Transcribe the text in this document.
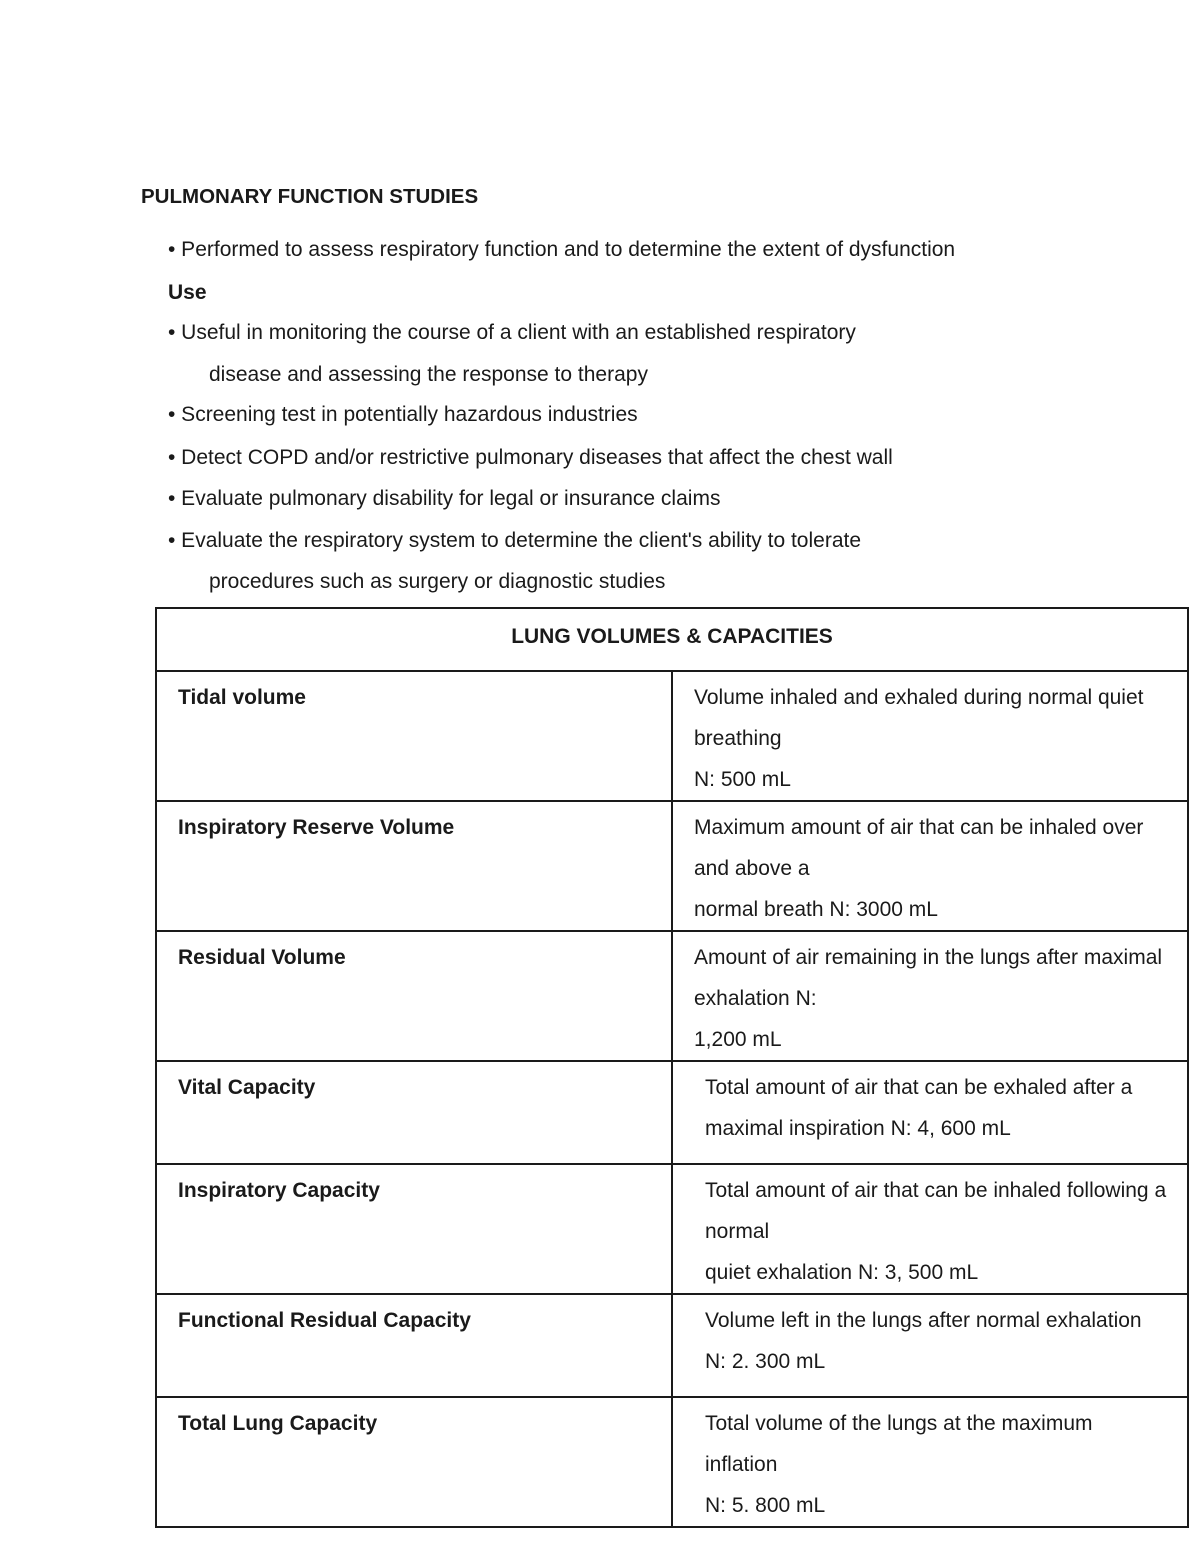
PULMONARY FUNCTION STUDIES

• Performed to assess respiratory function and to determine the extent of dysfunction

Use

• Useful in monitoring the course of a client with an established respiratory

disease and assessing the response to therapy

• Screening test in potentially hazardous industries

• Detect COPD and/or restrictive pulmonary diseases that affect the chest wall

• Evaluate pulmonary disability for legal or insurance claims

• Evaluate the respiratory system to determine the client's ability to tolerate

procedures such as surgery or diagnostic studies

LUNG VOLUMES & CAPACITIES	
Tidal volume	Volume inhaled and exhaled during normal quiet breathing
N: 500 mL

Inspiratory Reserve Volume	Maximum amount of air that can be inhaled over and above a
normal breath N: 3000 mL

Residual Volume	Amount of air remaining in the lungs after maximal exhalation N:
1,200 mL

Vital Capacity	Total amount of air that can be exhaled after a
maximal inspiration N: 4, 600 mL

Inspiratory Capacity	Total amount of air that can be inhaled following a normal
quiet exhalation N: 3, 500 mL

Functional Residual Capacity	Volume left in the lungs after normal exhalation
N: 2. 300 mL

Total Lung Capacity	Total volume of the lungs at the maximum inflation
N: 5. 800 mL
